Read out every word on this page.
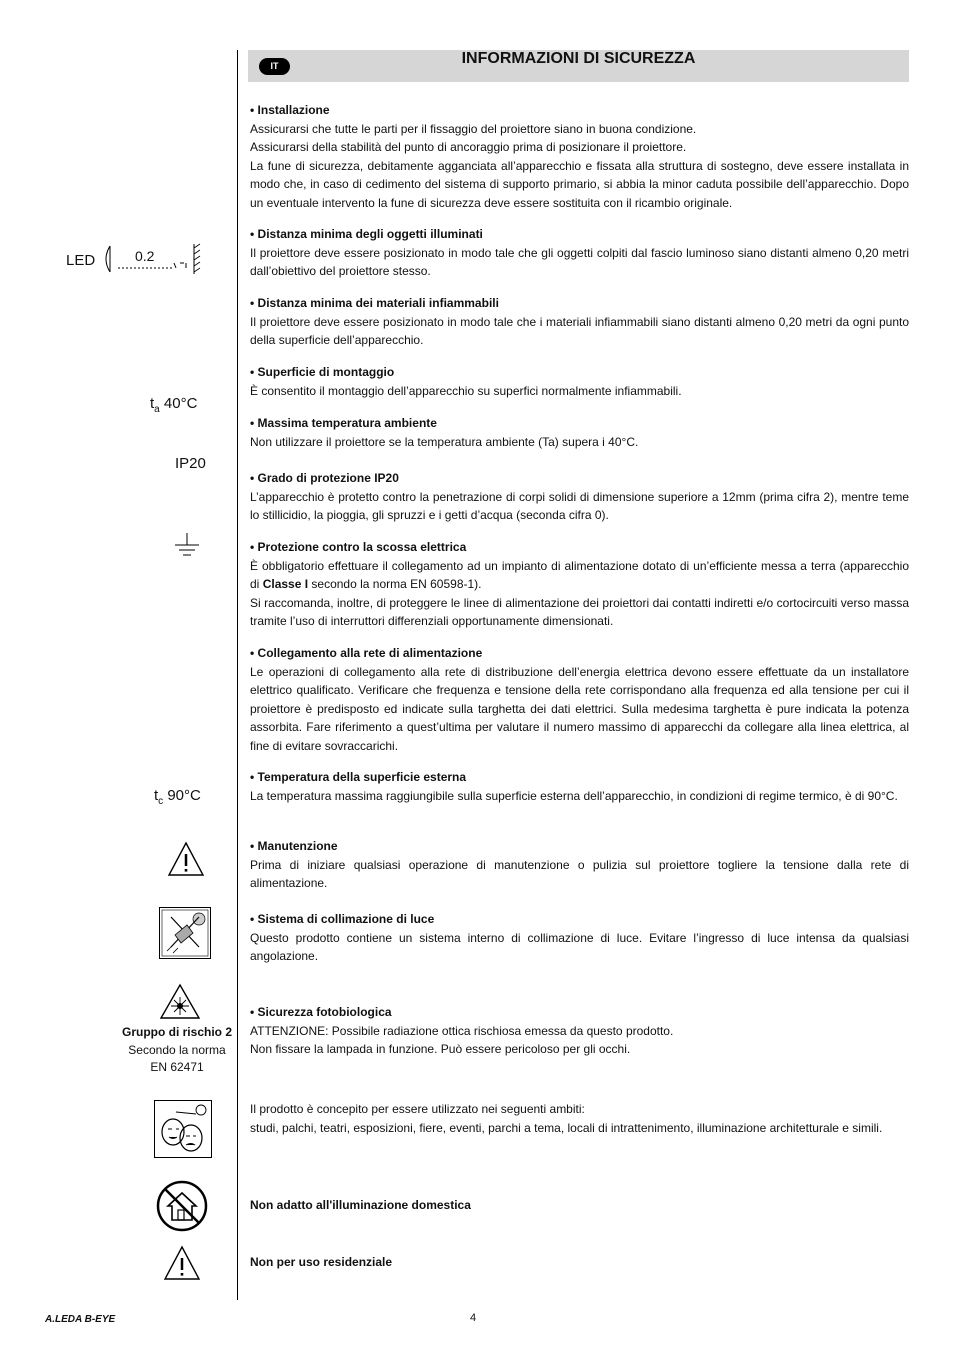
IT	INFORMAZIONI DI SICUREZZA
LED	0.2
$t_a$ 40°C
IP20
$t_c$ 90°C
Gruppo di rischio 2
Secondo la norma
EN 62471

• Installazione

Assicurarsi che tutte le parti per il fissaggio del proiettore siano in buona condizione.

Assicurarsi della stabilità del punto di ancoraggio prima di posizionare il proiettore.

La fune di sicurezza, debitamente agganciata all’apparecchio e fissata alla struttura di sostegno, deve essere installata in modo che, in caso di cedimento del sistema di supporto primario, si abbia la minor caduta possibile dell’apparecchio. Dopo un eventuale intervento la fune di sicurezza deve essere sostituita con il ricambio originale.

• Distanza minima degli oggetti illuminati

Il proiettore deve essere posizionato in modo tale che gli oggetti colpiti dal fascio luminoso siano distanti almeno 0,20 metri dall’obiettivo del proiettore stesso.

• Distanza minima dei materiali infiammabili

Il proiettore deve essere posizionato in modo tale che i materiali infiammabili siano distanti almeno 0,20 metri da ogni punto della superficie dell’apparecchio.

• Superficie di montaggio

È consentito il montaggio dell’apparecchio su superfici normalmente infiammabili.

• Massima temperatura ambiente

Non utilizzare il proiettore se la temperatura ambiente (Ta) supera i 40°C.

• Grado di protezione IP20

L’apparecchio è protetto contro la penetrazione di corpi solidi di dimensione superiore a 12mm (prima cifra 2), mentre teme lo stillicidio, la pioggia, gli spruzzi e i getti d’acqua (seconda cifra 0).

• Protezione contro la scossa elettrica

È obbligatorio effettuare il collegamento ad un impianto di alimentazione dotato di un’efficiente messa a terra (apparecchio di Classe I secondo la norma EN 60598-1).

Si raccomanda, inoltre, di proteggere le linee di alimentazione dei proiettori dai contatti indiretti e/o cortocircuiti verso massa tramite l’uso di interruttori differenziali opportunamente dimensionati.

• Collegamento alla rete di alimentazione

Le operazioni di collegamento alla rete di distribuzione dell’energia elettrica devono essere effettuate da un installatore elettrico qualificato. Verificare che frequenza e tensione della rete corrispondano alla frequenza ed alla tensione per cui il proiettore è predisposto ed indicate sulla targhetta dei dati elettrici. Sulla medesima targhetta è pure indicata la potenza assorbita. Fare riferimento a quest’ultima per valutare il numero massimo di apparecchi da collegare alla linea elettrica, al fine di evitare sovraccarichi.

• Temperatura della superficie esterna

La temperatura massima raggiungibile sulla superficie esterna dell’apparecchio, in condizioni di regime termico, è di 90°C.

• Manutenzione

Prima di iniziare qualsiasi operazione di manutenzione o pulizia sul proiettore togliere la tensione dalla rete di alimentazione.

• Sistema di collimazione di luce

Questo prodotto contiene un sistema interno di collimazione di luce. Evitare l’ingresso di luce intensa da qualsiasi angolazione.

• Sicurezza fotobiologica

ATTENZIONE: Possibile radiazione ottica rischiosa emessa da questo prodotto.

Non fissare la lampada in funzione. Può essere pericoloso per gli occhi.

Il prodotto è concepito per essere utilizzato nei seguenti ambiti:

studi, palchi, teatri, esposizioni, fiere, eventi, parchi a tema, locali di intrattenimento, illuminazione architetturale e simili.

Non adatto all'illuminazione domestica

Non per uso residenziale

A.LEDA B-EYE	4
